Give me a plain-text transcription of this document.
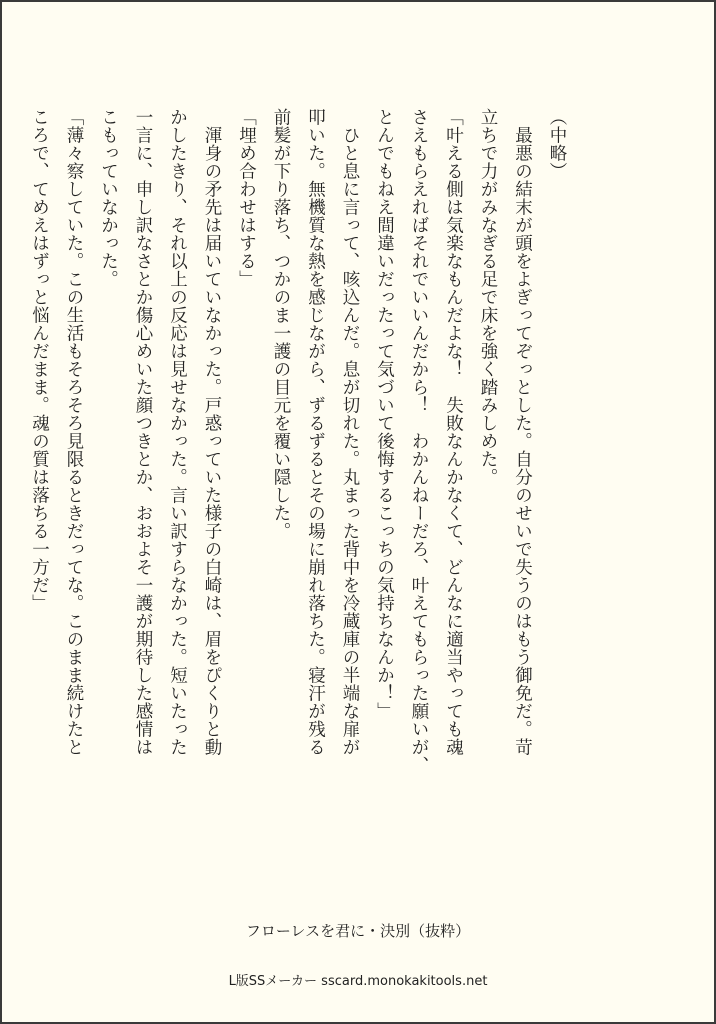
（中略）
　最悪の結末が頭をよぎってぞっとした。自分のせいで失うのはもう御免だ。苛
立ちで力がみなぎる足で床を強く踏みしめた。
「叶える側は気楽なもんだよな！　失敗なんかなくて、どんなに適当やっても魂
さえもらえればそれでいいんだから！　わかんねーだろ、叶えてもらった願いが、
とんでもねえ間違いだったって気づいて後悔するこっちの気持ちなんか！」
　ひと息に言って、咳込んだ。息が切れた。丸まった背中を冷蔵庫の半端な扉が
叩いた。無機質な熱を感じながら、ずるずるとその場に崩れ落ちた。寝汗が残る
前髪が下り落ち、つかのま一護の目元を覆い隠した。
「埋め合わせはする」
　渾身の矛先は届いていなかった。戸惑っていた様子の白崎は、眉をぴくりと動
かしたきり、それ以上の反応は見せなかった。言い訳すらなかった。短いたった
一言に、申し訳なさとか傷心めいた顔つきとか、おおよそ一護が期待した感情は
こもっていなかった。
「薄々察していた。この生活もそろそろ見限るときだってな。このまま続けたと
ころで、てめえはずっと悩んだまま。魂の質は落ちる一方だ」
フローレスを君に・決別（抜粋）
L版SSメーカー sscard.monokakitools.net
